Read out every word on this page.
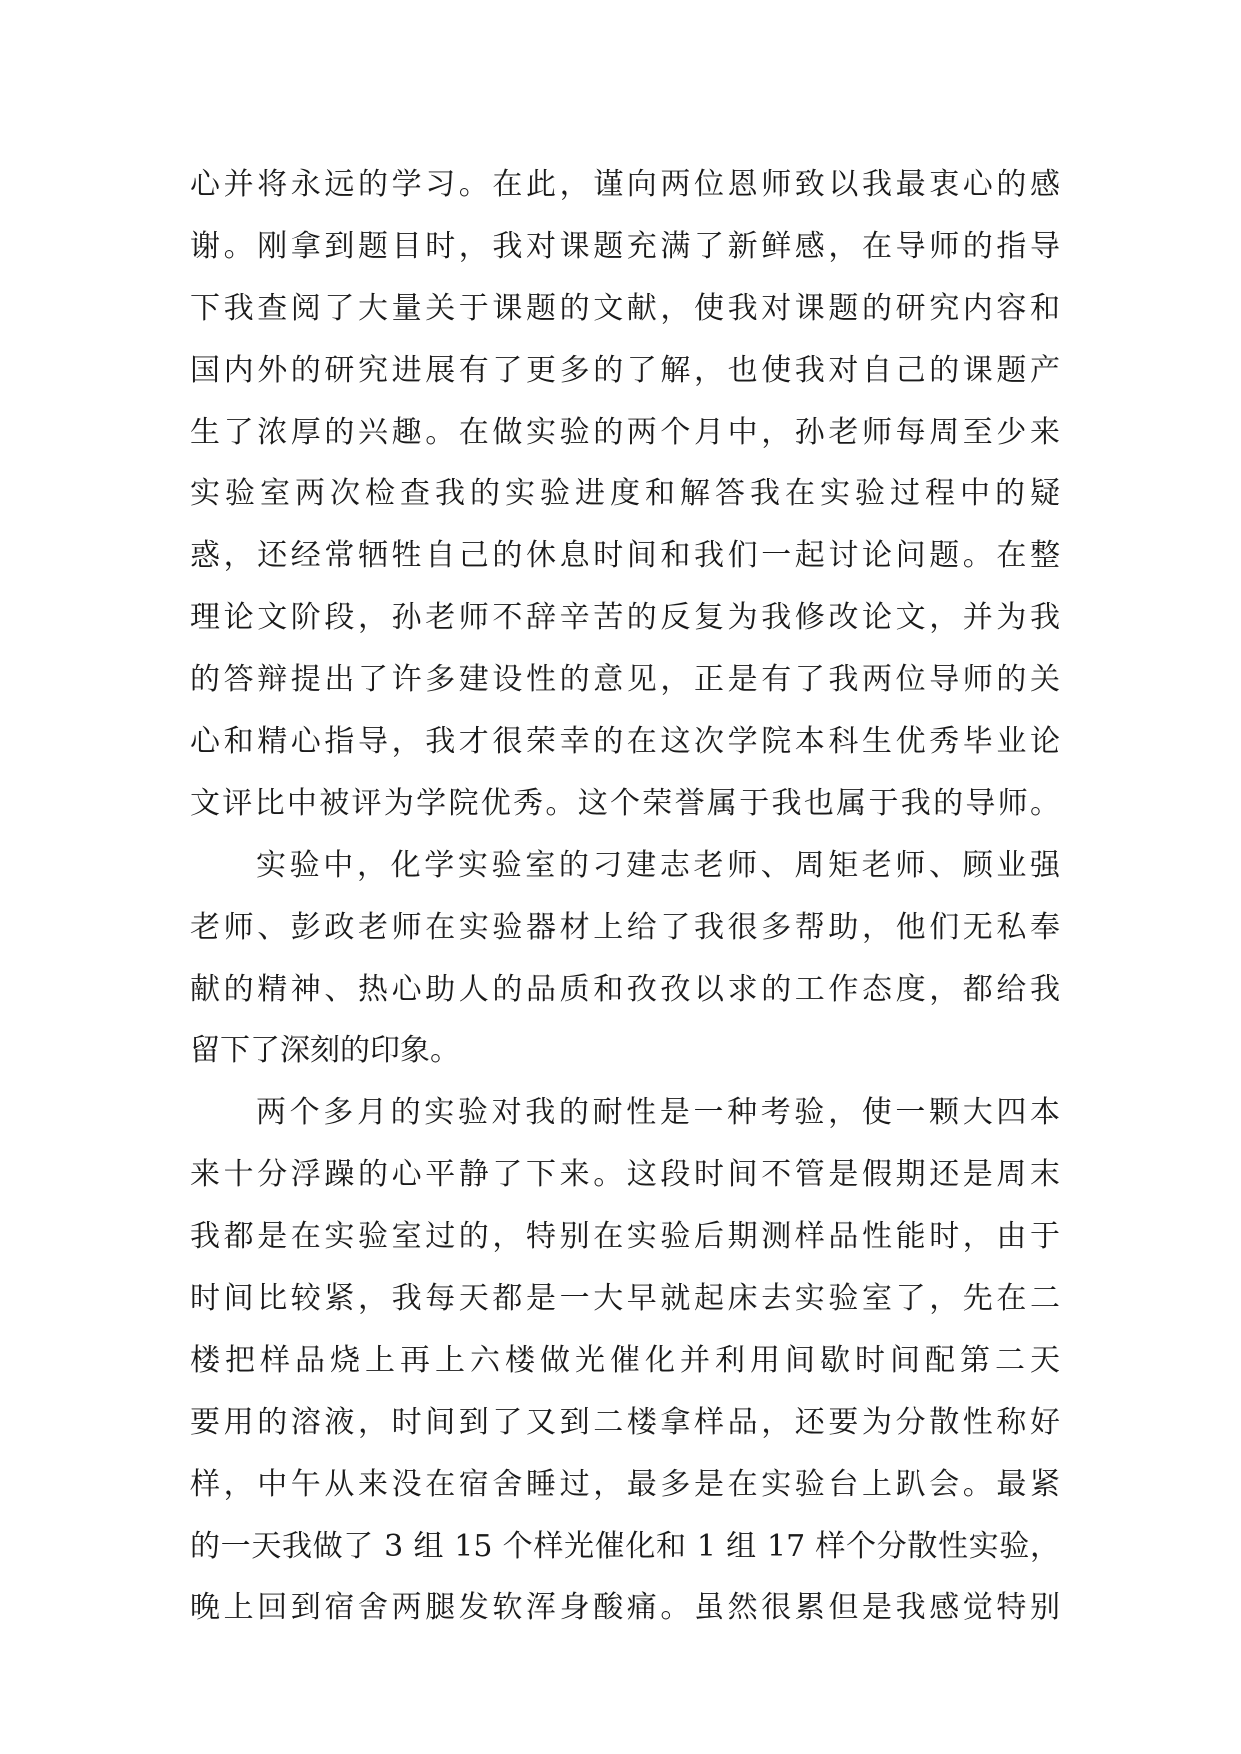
心并将永远的学习。在此，谨向两位恩师致以我最衷心的感
谢。刚拿到题目时，我对课题充满了新鲜感，在导师的指导
下我查阅了大量关于课题的文献，使我对课题的研究内容和
国内外的研究进展有了更多的了解，也使我对自己的课题产
生了浓厚的兴趣。在做实验的两个月中，孙老师每周至少来
实验室两次检查我的实验进度和解答我在实验过程中的疑
惑，还经常牺牲自己的休息时间和我们一起讨论问题。在整
理论文阶段，孙老师不辞辛苦的反复为我修改论文，并为我
的答辩提出了许多建设性的意见，正是有了我两位导师的关
心和精心指导，我才很荣幸的在这次学院本科生优秀毕业论
文评比中被评为学院优秀。这个荣誉属于我也属于我的导师。
实验中，化学实验室的刁建志老师、周矩老师、顾业强
老师、彭政老师在实验器材上给了我很多帮助，他们无私奉
献的精神、热心助人的品质和孜孜以求的工作态度，都给我
留下了深刻的印象。
两个多月的实验对我的耐性是一种考验，使一颗大四本
来十分浮躁的心平静了下来。这段时间不管是假期还是周末
我都是在实验室过的，特别在实验后期测样品性能时，由于
时间比较紧，我每天都是一大早就起床去实验室了，先在二
楼把样品烧上再上六楼做光催化并利用间歇时间配第二天
要用的溶液，时间到了又到二楼拿样品，还要为分散性称好
样，中午从来没在宿舍睡过，最多是在实验台上趴会。最紧
的一天我做了 3 组 15 个样光催化和 1 组 17 样个分散性实验，
晚上回到宿舍两腿发软浑身酸痛。虽然很累但是我感觉特别
